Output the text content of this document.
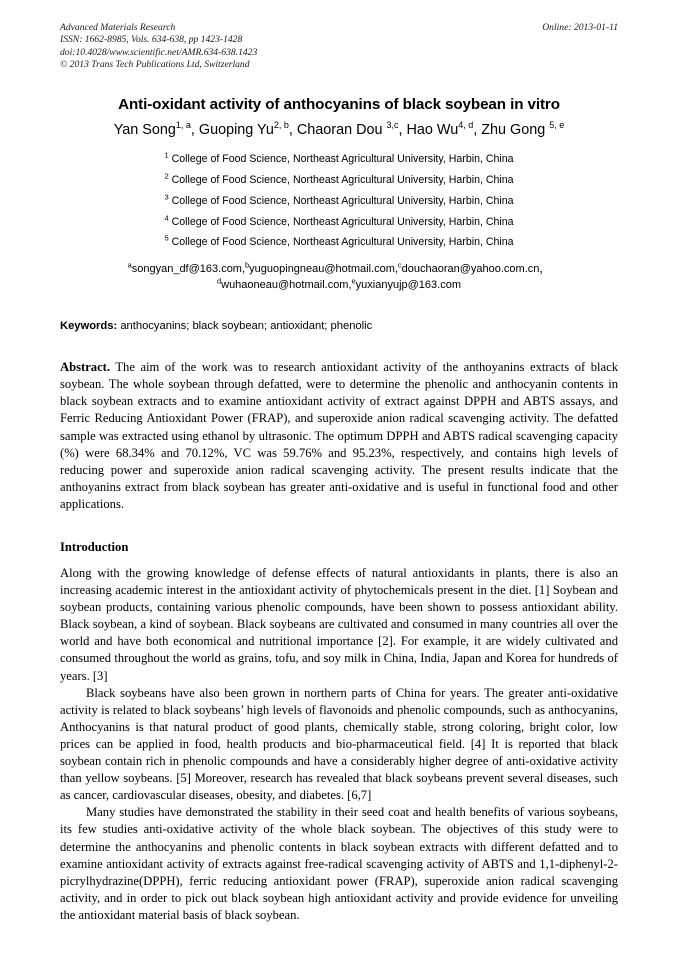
Advanced Materials Research
ISSN: 1662-8985, Vols. 634-638, pp 1423-1428
doi:10.4028/www.scientific.net/AMR.634-638.1423
© 2013 Trans Tech Publications Ltd, Switzerland
Online: 2013-01-11
Anti-oxidant activity of anthocyanins of black soybean in vitro
Yan Song$^{1, a}$, Guoping Yu$^{2, b}$, Chaoran Dou $^{3,c}$, Hao Wu$^{4, d}$, Zhu Gong $^{5, e}$
$^1$ College of Food Science, Northeast Agricultural University, Harbin, China
$^2$ College of Food Science, Northeast Agricultural University, Harbin, China
$^3$ College of Food Science, Northeast Agricultural University, Harbin, China
$^4$ College of Food Science, Northeast Agricultural University, Harbin, China
$^5$ College of Food Science, Northeast Agricultural University, Harbin, China
$^a$songyan_df@163.com,$^b$yuguopingneau@hotmail.com,$^c$douchaoran@yahoo.com.cn，
$^d$wuhaoneau@hotmail.com,$^e$yuxianyujp@163.com
Keywords: anthocyanins; black soybean; antioxidant; phenolic
Abstract. The aim of the work was to research antioxidant activity of the anthoyanins extracts of black soybean. The whole soybean through defatted, were to determine the phenolic and anthocyanin contents in black soybean extracts and to examine antioxidant activity of extract against DPPH and ABTS assays, and Ferric Reducing Antioxidant Power (FRAP), and superoxide anion radical scavenging activity. The defatted sample was extracted using ethanol by ultrasonic. The optimum DPPH and ABTS radical scavenging capacity (%) were 68.34% and 70.12%, VC was 59.76% and 95.23%, respectively, and contains high levels of reducing power and superoxide anion radical scavenging activity. The present results indicate that the anthoyanins extract from black soybean has greater anti-oxidative and is useful in functional food and other applications.
Introduction
Along with the growing knowledge of defense effects of natural antioxidants in plants, there is also an increasing academic interest in the antioxidant activity of phytochemicals present in the diet. [1] Soybean and soybean products, containing various phenolic compounds, have been shown to possess antioxidant ability. Black soybean, a kind of soybean. Black soybeans are cultivated and consumed in many countries all over the world and have both economical and nutritional importance [2]. For example, it are widely cultivated and consumed throughout the world as grains, tofu, and soy milk in China, India, Japan and Korea for hundreds of years. [3]
Black soybeans have also been grown in northern parts of China for years. The greater anti-oxidative activity is related to black soybeans’ high levels of flavonoids and phenolic compounds, such as anthocyanins, Anthocyanins is that natural product of good plants, chemically stable, strong coloring, bright color, low prices can be applied in food, health products and bio-pharmaceutical field. [4] It is reported that black soybean contain rich in phenolic compounds and have a considerably higher degree of anti-oxidative activity than yellow soybeans. [5] Moreover, research has revealed that black soybeans prevent several diseases, such as cancer, cardiovascular diseases, obesity, and diabetes. [6,7]
Many studies have demonstrated the stability in their seed coat and health benefits of various soybeans, its few studies anti-oxidative activity of the whole black soybean. The objectives of this study were to determine the anthocyanins and phenolic contents in black soybean extracts with different defatted and to examine antioxidant activity of extracts against free-radical scavenging activity of ABTS and 1,1-diphenyl-2-picrylhydrazine(DPPH), ferric reducing antioxidant power (FRAP), superoxide anion radical scavenging activity, and in order to pick out black soybean high antioxidant activity and provide evidence for unveiling the antioxidant material basis of black soybean.
